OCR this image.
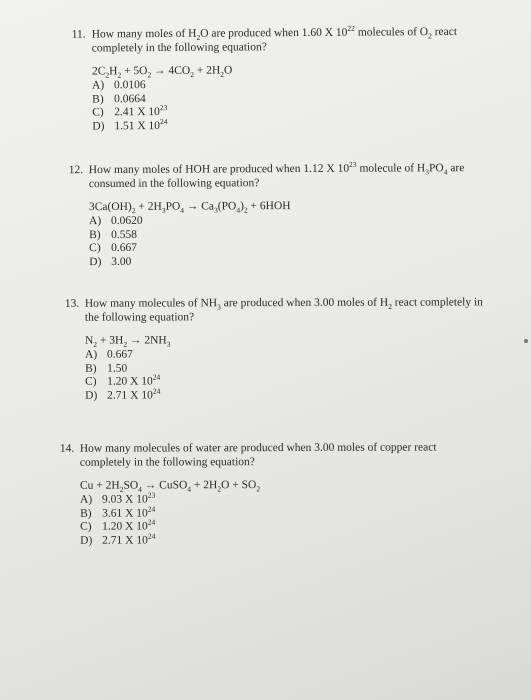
11. How many moles of $H_2O$ are produced when 1.60 X $10^{22}$ molecules of $O_2$ react
completely in the following equation?

$2C_2H_2 + 5O_2 \to 4CO_2 + 2H_2O$
A) 0.0106
B) 0.0664
C) 2.41 X $10^{23}$
D) 1.51 X $10^{24}$

12. How many moles of HOH are produced when 1.12 X $10^{23}$ molecule of $H_3PO_4$ are
consumed in the following equation?

$3Ca(OH)_2 + 2H_3PO_4 \to Ca_3(PO_4)_2 + 6HOH$
A) 0.0620
B) 0.558
C) 0.667
D) 3.00

13. How many molecules of $NH_3$ are produced when 3.00 moles of $H_2$ react completely in
the following equation?

$N_2 + 3H_2 \to 2NH_3$
A) 0.667
B) 1.50
C) 1.20 X $10^{24}$
D) 2.71 X $10^{24}$

14. How many molecules of water are produced when 3.00 moles of copper react
completely in the following equation?

$Cu + 2H_2SO_4$ → CuSO$_4$ + $2H_2O + SO_2$
A) 9.03 X $10^{23}$
B) 3.61 X $10^{24}$
C) 1.20 X $10^{24}$
D) 2.71 X $10^{24}$
